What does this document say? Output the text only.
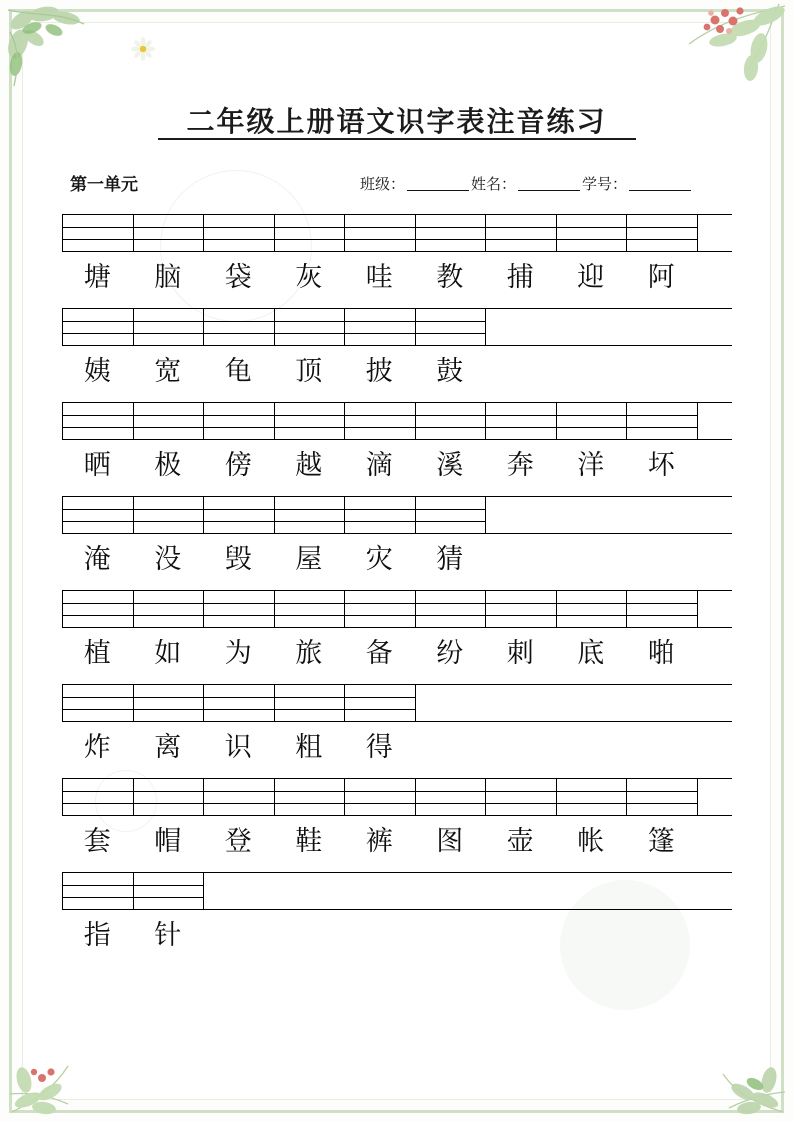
二年级上册语文识字表注音练习
第一单元	班级：	姓名：	学号：
塘	脑	袋	灰	哇	教	捕	迎	阿
姨	宽	龟	顶	披	鼓
晒	极	傍	越	滴	溪	奔	洋	坏
淹	没	毁	屋	灾	猜
植	如	为	旅	备	纷	刺	底	啪
炸	离	识	粗	得
套	帽	登	鞋	裤	图	壶	帐	篷
指	针
